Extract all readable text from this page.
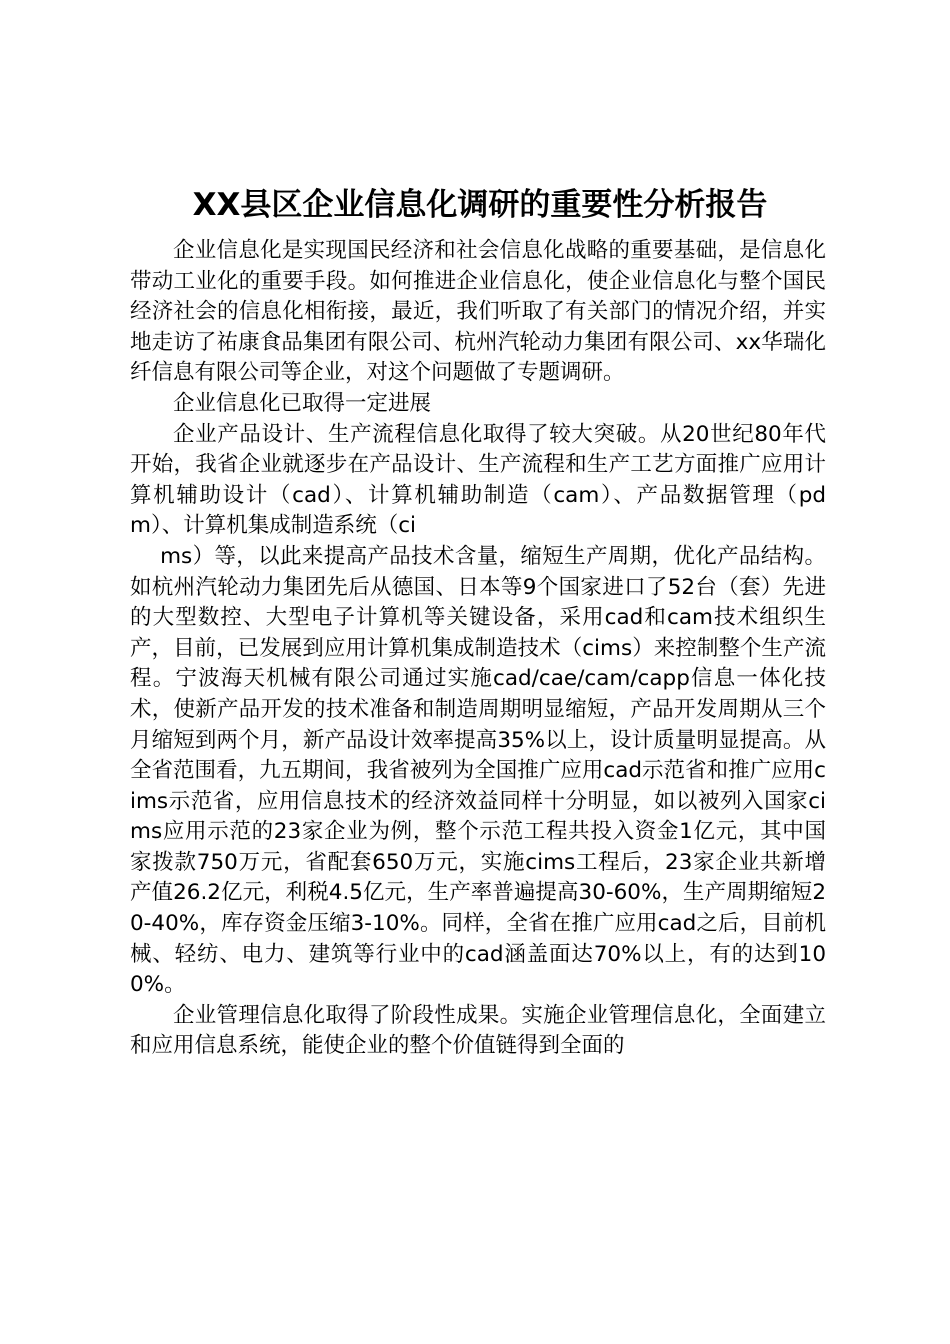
XX县区企业信息化调研的重要性分析报告

企业信息化是实现国民经济和社会信息化战略的重要基础，是信息化带动工业化的重要手段。如何推进企业信息化，使企业信息化与整个国民经济社会的信息化相衔接，最近，我们听取了有关部门的情况介绍，并实地走访了祐康食品集团有限公司、杭州汽轮动力集团有限公司、xx华瑞化纤信息有限公司等企业，对这个问题做了专题调研。

企业信息化已取得一定进展

企业产品设计、生产流程信息化取得了较大突破。从20世纪80年代开始，我省企业就逐步在产品设计、生产流程和生产工艺方面推广应用计算机辅助设计（cad）、计算机辅助制造（cam）、产品数据管理（pdm）、计算机集成制造系统（ci

ms）等，以此来提高产品技术含量，缩短生产周期，优化产品结构。如杭州汽轮动力集团先后从德国、日本等9个国家进口了52台（套）先进的大型数控、大型电子计算机等关键设备，采用cad和cam技术组织生产，目前，已发展到应用计算机集成制造技术（cims）来控制整个生产流程。宁波海天机械有限公司通过实施cad/cae/cam/capp信息一体化技术，使新产品开发的技术准备和制造周期明显缩短，产品开发周期从三个月缩短到两个月，新产品设计效率提高35%以上，设计质量明显提高。从全省范围看，九五期间，我省被列为全国推广应用cad示范省和推广应用cims示范省，应用信息技术的经济效益同样十分明显，如以被列入国家cims应用示范的23家企业为例，整个示范工程共投入资金1亿元，其中国家拨款750万元，省配套650万元，实施cims工程后，23家企业共新增产值26.2亿元，利税4.5亿元，生产率普遍提高30-60%，生产周期缩短20-40%，库存资金压缩3-10%。同样，全省在推广应用cad之后，目前机械、轻纺、电力、建筑等行业中的cad涵盖面达70%以上，有的达到100%。

企业管理信息化取得了阶段性成果。实施企业管理信息化，全面建立和应用信息系统，能使企业的整个价值链得到全面的
